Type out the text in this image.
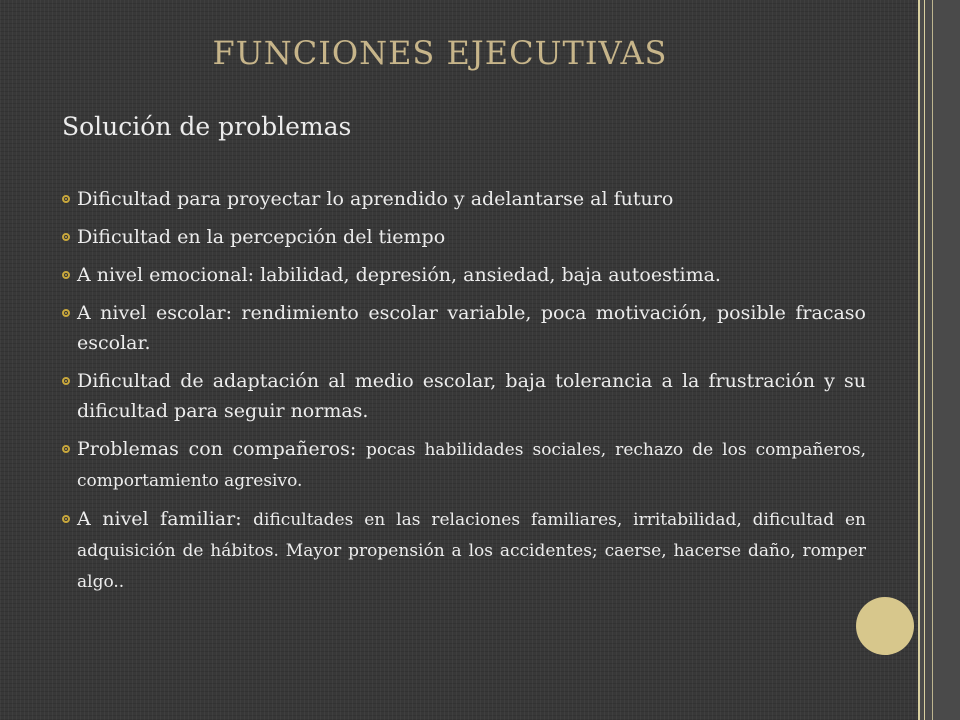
FUNCIONES EJECUTIVAS
Solución de problemas
Dificultad para proyectar lo aprendido y adelantarse al futuro
Dificultad en la percepción del tiempo
A nivel emocional: labilidad, depresión, ansiedad, baja autoestima.
A nivel escolar: rendimiento escolar variable, poca motivación, posible fracaso escolar.
Dificultad de adaptación al medio escolar, baja tolerancia a la frustración y su dificultad para seguir normas.
Problemas con compañeros: pocas habilidades sociales, rechazo de los compañeros, comportamiento agresivo.
A nivel familiar: dificultades en las relaciones familiares, irritabilidad, dificultad en adquisición de hábitos. Mayor propensión a los accidentes; caerse, hacerse daño, romper algo..
